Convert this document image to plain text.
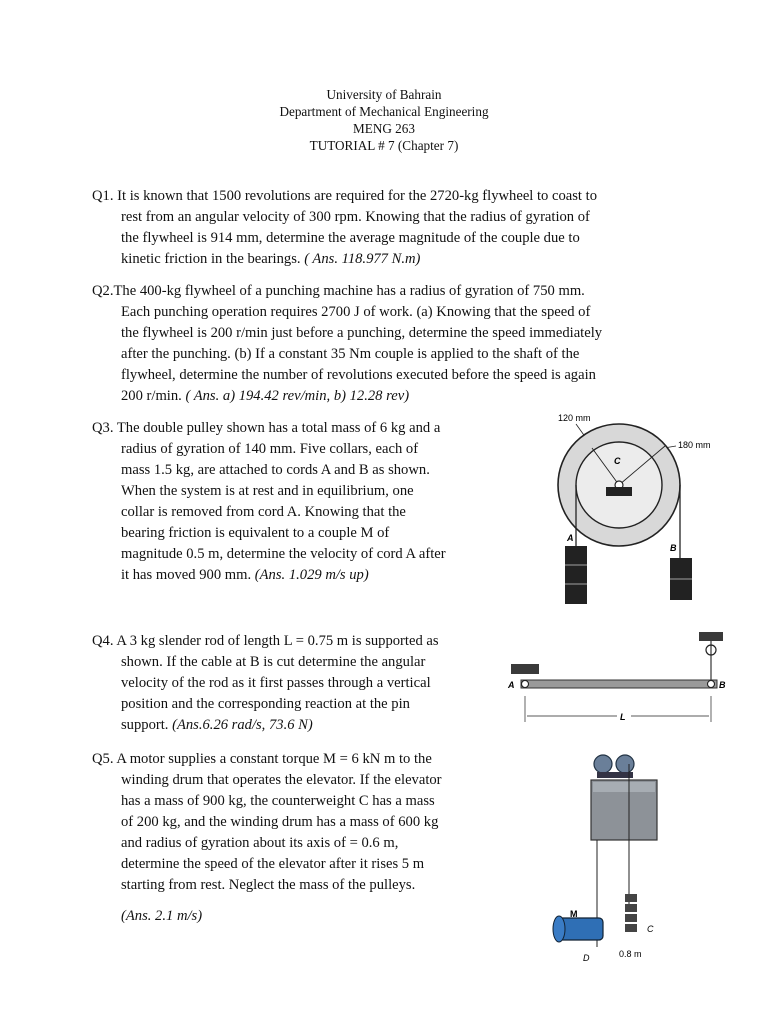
University of Bahrain
Department of Mechanical Engineering
MENG 263
TUTORIAL # 7 (Chapter 7)
Q1. It is known that 1500 revolutions are required for the 2720-kg flywheel to coast to
rest from an angular velocity of 300 rpm. Knowing that the radius of gyration of
the flywheel is 914 mm, determine the average magnitude of the couple due to
kinetic friction in the bearings. ( Ans. 118.977 N.m)
Q2.The 400-kg flywheel of a punching machine has a radius of gyration of 750 mm.
Each punching operation requires 2700 J of work. (a) Knowing that the speed of
the flywheel is 200 r/min just before a punching, determine the speed immediately
after the punching. (b) If a constant 35 Nm couple is applied to the shaft of the
flywheel, determine the number of revolutions executed before the speed is again
200 r/min. ( Ans. a) 194.42 rev/min, b) 12.28 rev)
Q3. The double pulley shown has a total mass of 6 kg and a
radius of gyration of 140 mm. Five collars, each of
mass 1.5 kg, are attached to cords A and B as shown.
When the system is at rest and in equilibrium, one
collar is removed from cord A. Knowing that the
bearing friction is equivalent to a couple M of
magnitude 0.5 m, determine the velocity of cord A after
it has moved 900 mm. (Ans. 1.029 m/s up)
Q4. A 3 kg slender rod of length L = 0.75 m is supported as
shown. If the cable at B is cut determine the angular
velocity of the rod as it first passes through a vertical
position and the corresponding reaction at the pin
support. (Ans.6.26 rad/s, 73.6 N)
Q5. A motor supplies a constant torque M = 6 kN m to the
winding drum that operates the elevator. If the elevator
has a mass of 900 kg, the counterweight C has a mass
of 200 kg, and the winding drum has a mass of 600 kg
and radius of gyration about its axis of = 0.6 m,
determine the speed of the elevator after it rises 5 m
starting from rest. Neglect the mass of the pulleys.
(Ans. 2.1 m/s)
120 mm
180 mm
C
A
B
A	B
L
C
M
D	0.8 m
